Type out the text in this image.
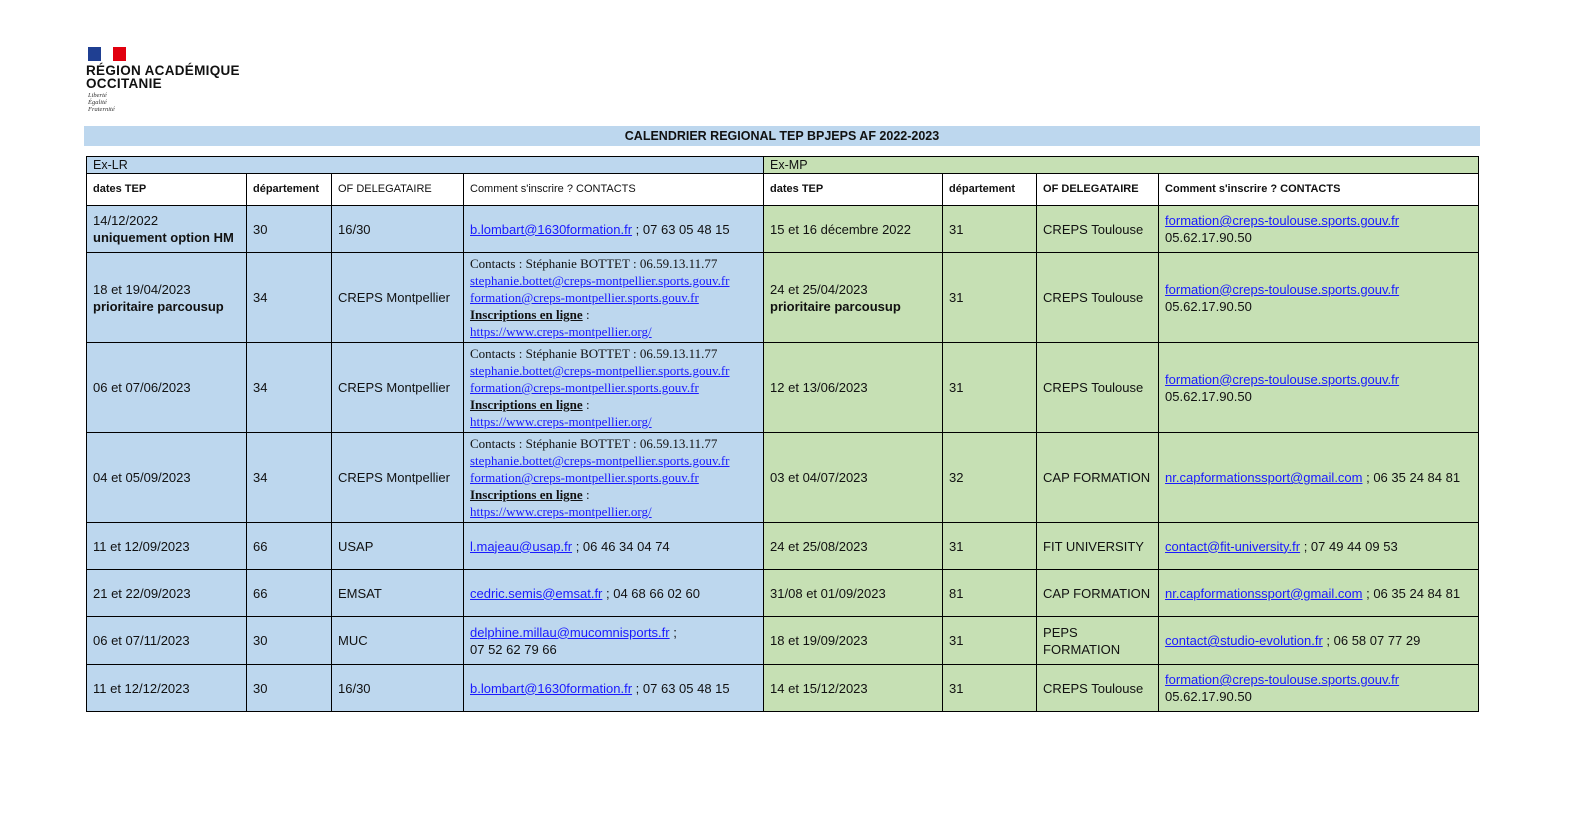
RÉGION ACADÉMIQUE
OCCITANIE
Liberté
Égalité
Fraternité
CALENDRIER REGIONAL TEP BPJEPS AF 2022-2023
Ex-LR				Ex-MP			
dates TEP	département	OF DELEGATAIRE	Comment s'inscrire ? CONTACTS	dates TEP	département	OF DELEGATAIRE	Comment s'inscrire ? CONTACTS
14/12/2022
uniquement option HM	30	16/30	b.lombart@1630formation.fr ; 07 63 05 48 15	15 et 16 décembre 2022	31	CREPS Toulouse	formation@creps-toulouse.sports.gouv.fr
05.62.17.90.50
18 et 19/04/2023
prioritaire parcousup	34	CREPS Montpellier	Contacts : Stéphanie BOTTET : 06.59.13.11.77
stephanie.bottet@creps-montpellier.sports.gouv.fr
formation@creps-montpellier.sports.gouv.fr
Inscriptions en ligne :
https://www.creps-montpellier.org/	24 et 25/04/2023
prioritaire parcousup	31	CREPS Toulouse	formation@creps-toulouse.sports.gouv.fr
05.62.17.90.50
06 et 07/06/2023	34	CREPS Montpellier	Contacts : Stéphanie BOTTET : 06.59.13.11.77
stephanie.bottet@creps-montpellier.sports.gouv.fr
formation@creps-montpellier.sports.gouv.fr
Inscriptions en ligne :
https://www.creps-montpellier.org/	12 et 13/06/2023	31	CREPS Toulouse	formation@creps-toulouse.sports.gouv.fr
05.62.17.90.50
04 et 05/09/2023	34	CREPS Montpellier	Contacts : Stéphanie BOTTET : 06.59.13.11.77
stephanie.bottet@creps-montpellier.sports.gouv.fr
formation@creps-montpellier.sports.gouv.fr
Inscriptions en ligne :
https://www.creps-montpellier.org/	03 et 04/07/2023	32	CAP FORMATION	nr.capformationssport@gmail.com ; 06 35 24 84 81
11 et 12/09/2023	66	USAP	l.majeau@usap.fr ; 06 46 34 04 74	24 et 25/08/2023	31	FIT UNIVERSITY	contact@fit-university.fr ; 07 49 44 09 53
21 et 22/09/2023	66	EMSAT	cedric.semis@emsat.fr ; 04 68 66 02 60	31/08 et 01/09/2023	81	CAP FORMATION	nr.capformationssport@gmail.com ; 06 35 24 84 81
06 et 07/11/2023	30	MUC	delphine.millau@mucomnisports.fr ;
07 52 62 79 66	18 et 19/09/2023	31	PEPS FORMATION	contact@studio-evolution.fr ; 06 58 07 77 29
11 et 12/12/2023	30	16/30	b.lombart@1630formation.fr ; 07 63 05 48 15	14 et 15/12/2023	31	CREPS Toulouse	formation@creps-toulouse.sports.gouv.fr
05.62.17.90.50
